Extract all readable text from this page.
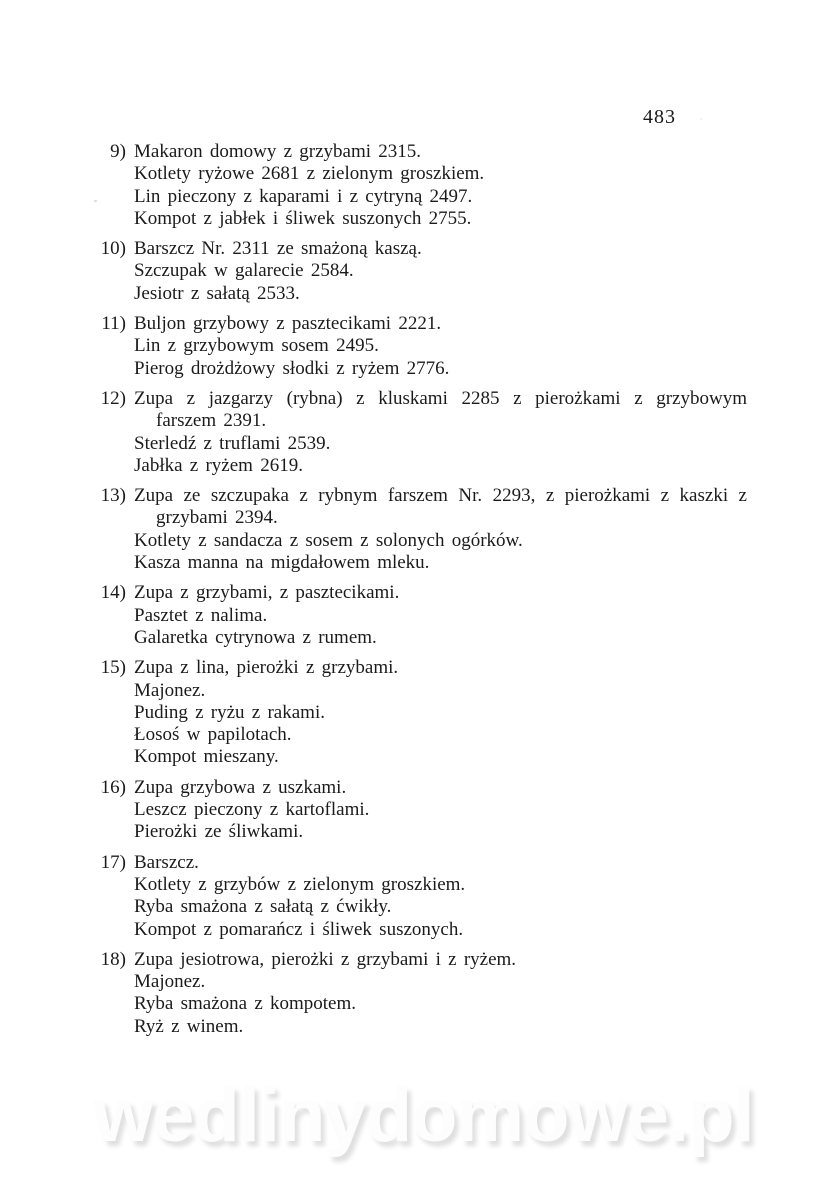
483
9) Makaron domowy z grzybami 2315.

Kotlety ryżowe 2681 z zielonym groszkiem.

Lin pieczony z kaparami i z cytryną 2497.

Kompot z jabłek i śliwek suszonych 2755.

10) Barszcz Nr. 2311 ze smażoną kaszą.

Szczupak w galarecie 2584.

Jesiotr z sałatą 2533.

11) Buljon grzybowy z pasztecikami 2221.

Lin z grzybowym sosem 2495.

Pierog drożdżowy słodki z ryżem 2776.

12) Zupa z jazgarzy (rybna) z kluskami 2285 z pierożkami z grzybowym farszem 2391.

Sterledź z truflami 2539.

Jabłka z ryżem 2619.

13) Zupa ze szczupaka z rybnym farszem Nr. 2293, z pierożkami z kaszki z grzybami 2394.

Kotlety z sandacza z sosem z solonych ogórków.

Kasza manna na migdałowem mleku.

14) Zupa z grzybami, z pasztecikami.

Pasztet z nalima.

Galaretka cytrynowa z rumem.

15) Zupa z lina, pierożki z grzybami.

Majonez.

Puding z ryżu z rakami.

Łosoś w papilotach.

Kompot mieszany.

16) Zupa grzybowa z uszkami.

Leszcz pieczony z kartoflami.

Pierożki ze śliwkami.

17) Barszcz.

Kotlety z grzybów z zielonym groszkiem.

Ryba smażona z sałatą z ćwikły.

Kompot z pomarańcz i śliwek suszonych.

18) Zupa jesiotrowa, pierożki z grzybami i z ryżem.

Majonez.

Ryba smażona z kompotem.

Ryż z winem.

wedlinydomowe.pl
